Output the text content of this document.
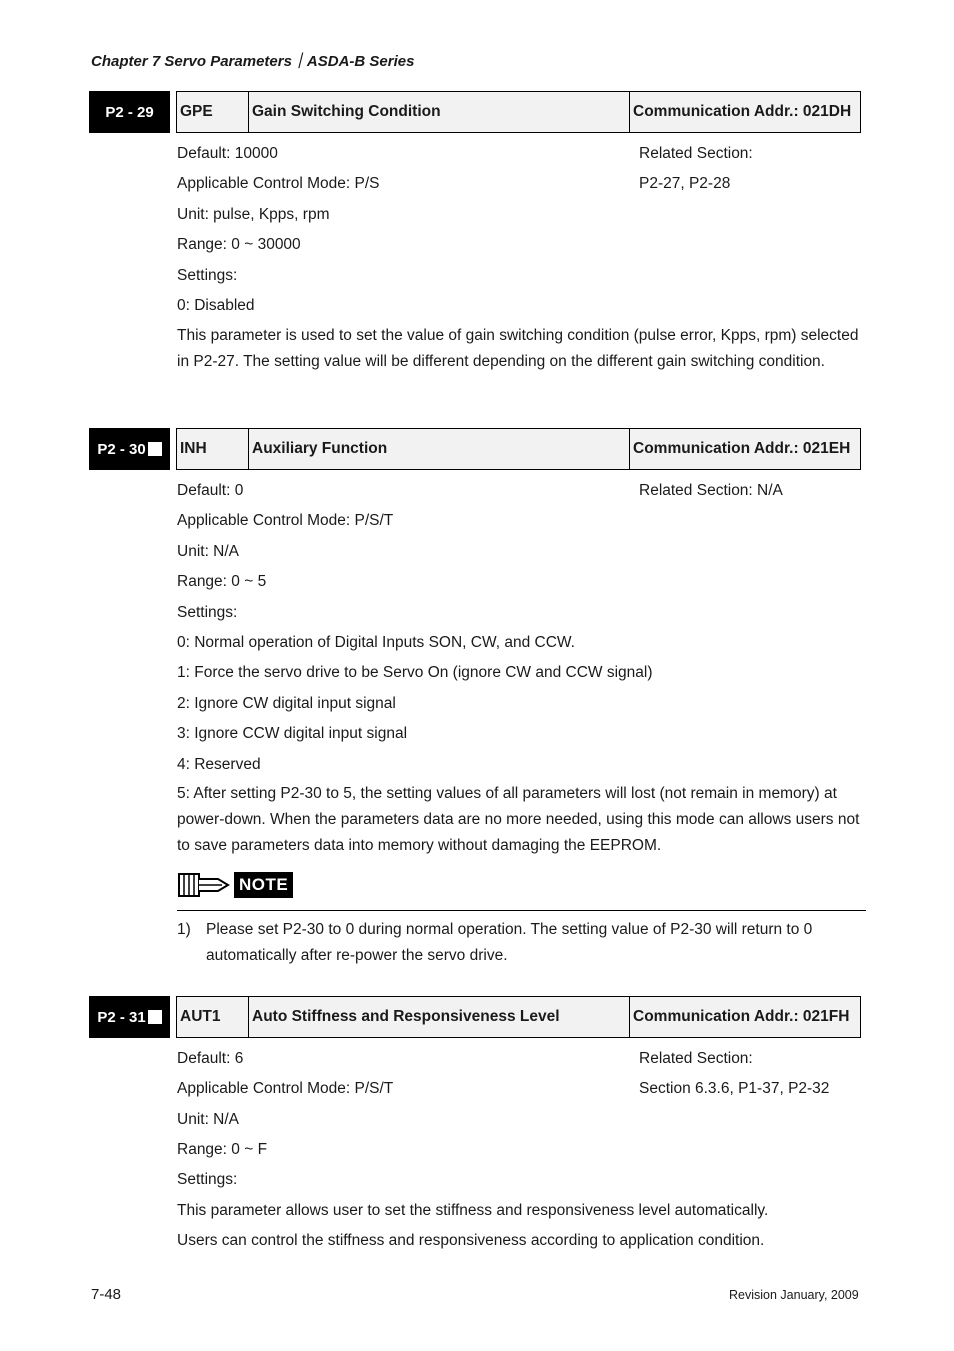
Chapter 7 Servo Parameters｜ASDA-B Series
P2 - 29 GPE	Gain Switching Condition	Communication Addr.: 021DH
Default: 10000
Applicable Control Mode: P/S
Unit: pulse, Kpps, rpm
Range: 0 ~ 30000
Settings:
0: Disabled
Related Section:
P2-27, P2-28
This parameter is used to set the value of gain switching condition (pulse error, Kpps, rpm) selected in P2-27. The setting value will be different depending on the different gain switching condition.
P2 - 30 INH	Auxiliary Function	Communication Addr.: 021EH
Default: 0
Applicable Control Mode: P/S/T
Unit: N/A
Range: 0 ~ 5
Settings:
0: Normal operation of Digital Inputs SON, CW, and CCW.
1: Force the servo drive to be Servo On (ignore CW and CCW signal)
2: Ignore CW digital input signal
3: Ignore CCW digital input signal
4: Reserved
Related Section: N/A
5: After setting P2-30 to 5, the setting values of all parameters will lost (not remain in memory) at power-down. When the parameters data are no more needed, using this mode can allows users not to save parameters data into memory without damaging the EEPROM.
NOTE
1) Please set P2-30 to 0 during normal operation. The setting value of P2-30 will return to 0 automatically after re-power the servo drive.
P2 - 31 AUT1	Auto Stiffness and Responsiveness Level	Communication Addr.: 021FH
Default: 6
Applicable Control Mode: P/S/T
Unit: N/A
Range: 0 ~ F
Settings:
This parameter allows user to set the stiffness and responsiveness level automatically.
Users can control the stiffness and responsiveness according to application condition.
Related Section:
Section 6.3.6, P1-37, P2-32
7-48	Revision January, 2009
